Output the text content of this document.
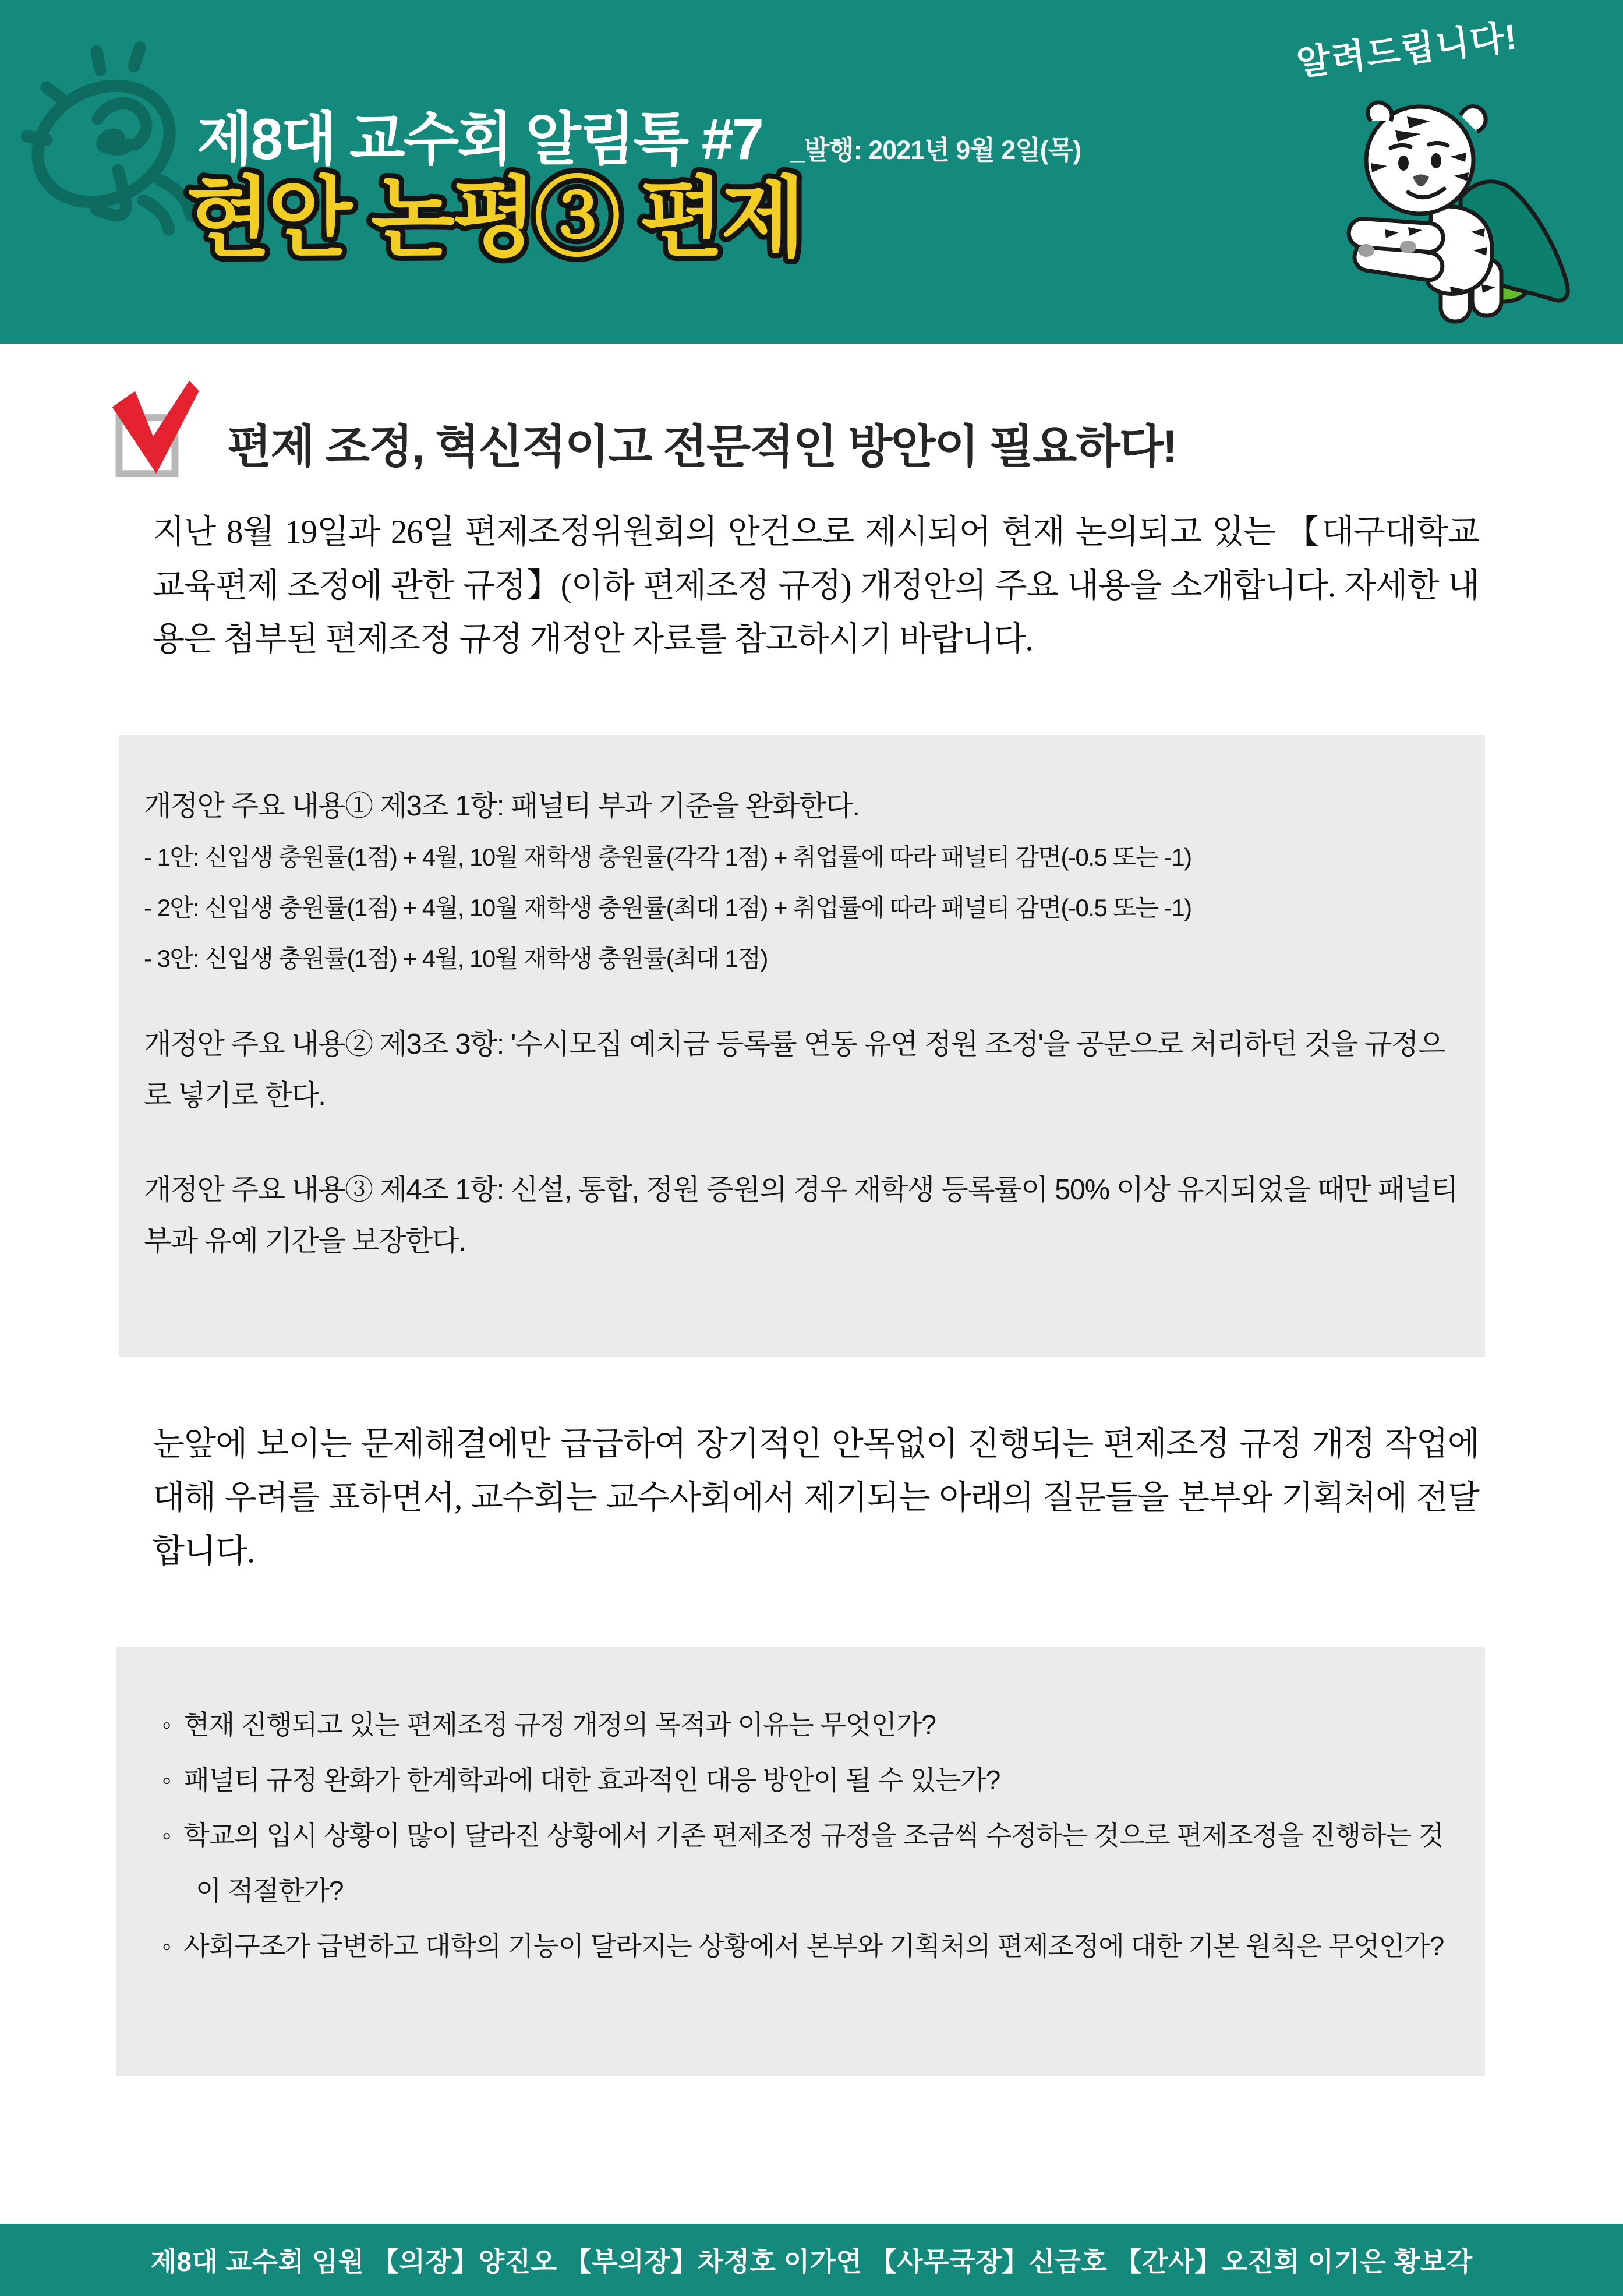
제8대 교수회 알림톡 #7 _발행: 2021년 9월 2일(목)
현안 논평③ 편제
알려드립니다!
편제 조정, 혁신적이고 전문적인 방안이 필요하다!
지난 8월 19일과 26일 편제조정위원회의 안건으로 제시되어 현재 논의되고 있는 【대구대학교 교육편제 조정에 관한 규정】(이하 편제조정 규정) 개정안의 주요 내용을 소개합니다. 자세한 내용은 첨부된 편제조정 규정 개정안 자료를 참고하시기 바랍니다.
개정안 주요 내용① 제3조 1항: 패널티 부과 기준을 완화한다.
- 1안: 신입생 충원률(1점) + 4월, 10월 재학생 충원률(각각 1점) + 취업률에 따라 패널티 감면(-0.5 또는 -1)
- 2안: 신입생 충원률(1점) + 4월, 10월 재학생 충원률(최대 1점) + 취업률에 따라 패널티 감면(-0.5 또는 -1)
- 3안: 신입생 충원률(1점) + 4월, 10월 재학생 충원률(최대 1점)
개정안 주요 내용② 제3조 3항: '수시모집 예치금 등록률 연동 유연 정원 조정'을 공문으로 처리하던 것을 규정으로 넣기로 한다.
개정안 주요 내용③ 제4조 1항: 신설, 통합, 정원 증원의 경우 재학생 등록률이 50% 이상 유지되었을 때만 패널티 부과 유예 기간을 보장한다.
눈앞에 보이는 문제해결에만 급급하여 장기적인 안목없이 진행되는 편제조정 규정 개정 작업에 대해 우려를 표하면서, 교수회는 교수사회에서 제기되는 아래의 질문들을 본부와 기획처에 전달합니다.
◦ 현재 진행되고 있는 편제조정 규정 개정의 목적과 이유는 무엇인가?
◦ 패널티 규정 완화가 한계학과에 대한 효과적인 대응 방안이 될 수 있는가?
◦ 학교의 입시 상황이 많이 달라진 상황에서 기존 편제조정 규정을 조금씩 수정하는 것으로 편제조정을 진행하는 것이 적절한가?
◦ 사회구조가 급변하고 대학의 기능이 달라지는 상황에서 본부와 기획처의 편제조정에 대한 기본 원칙은 무엇인가?
제8대 교수회 임원 【의장】양진오 【부의장】차정호 이가연 【사무국장】신금호 【간사】오진희 이기은 황보각
